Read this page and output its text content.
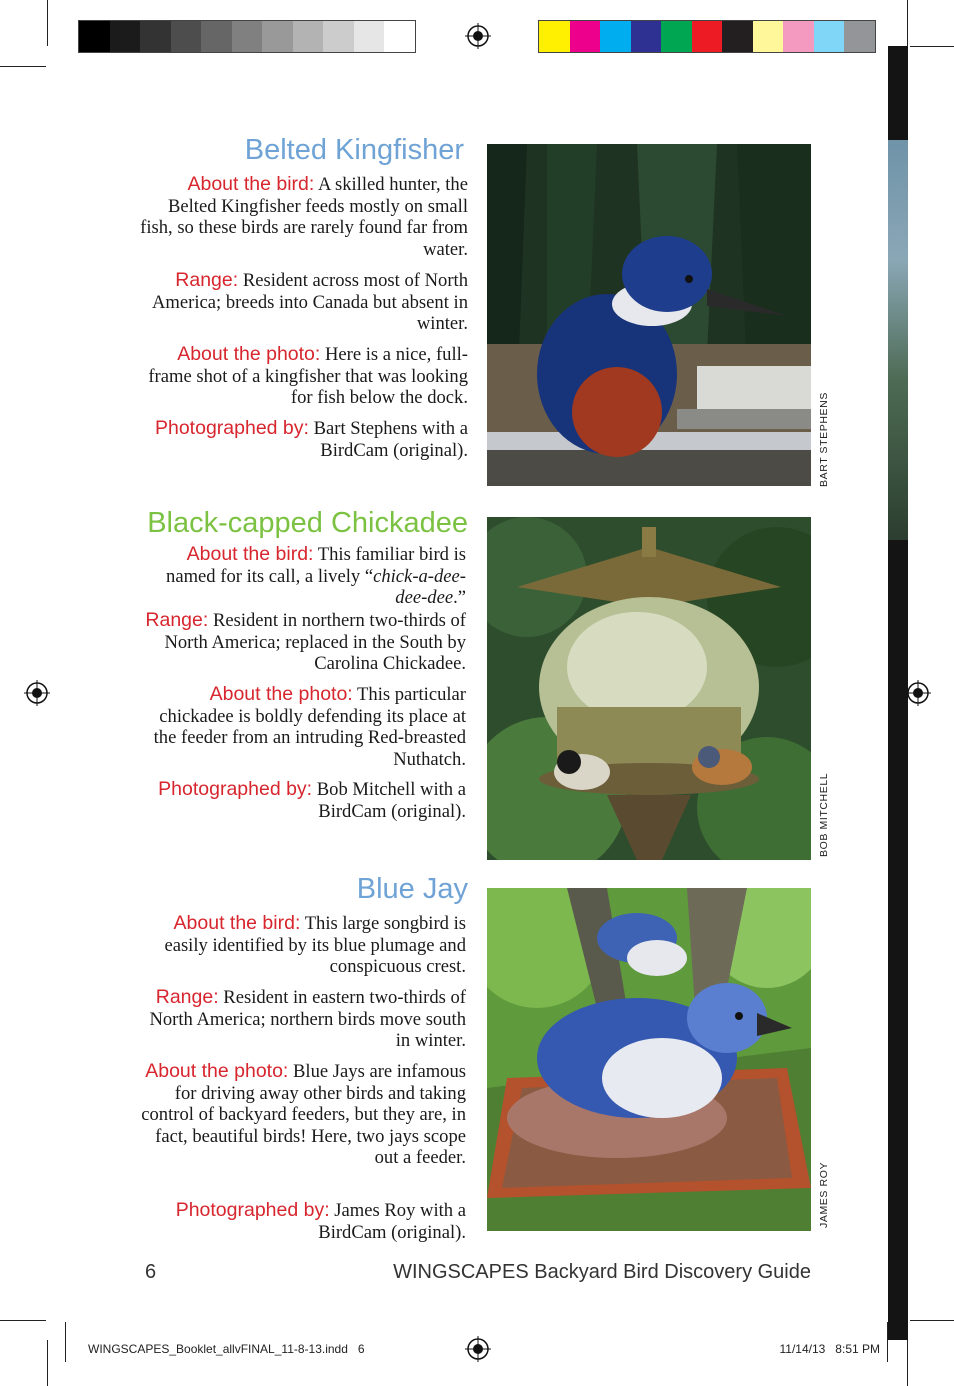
Belted Kingfisher
About the bird: A skilled hunter, the Belted Kingfisher feeds mostly on small fish, so these birds are rarely found far from water.
Range: Resident across most of North America; breeds into Canada but absent in winter.
About the photo: Here is a nice, full-frame shot of a kingfisher that was looking for fish below the dock.
Photographed by: Bart Stephens with a BirdCam (original).	BART STEPHENS
Black-capped Chickadee
About the bird: This familiar bird is named for its call, a lively “chick-a-dee-dee-dee.”
Range: Resident in northern two-thirds of North America; replaced in the South by Carolina Chickadee.
About the photo: This particular chickadee is boldly defending its place at the feeder from an intruding Red-breasted Nuthatch.
Photographed by: Bob Mitchell with a BirdCam (original).	BOB MITCHELL
Blue Jay
About the bird: This large songbird is easily identified by its blue plumage and conspicuous crest.
Range: Resident in eastern two-thirds of North America; northern birds move south in winter.
About the photo: Blue Jays are infamous for driving away other birds and taking control of backyard feeders, but they are, in fact, beautiful birds! Here, two jays scope out a feeder.
Photographed by: James Roy with a BirdCam (original).
JAMES ROY
6	WINGSCAPES Backyard Bird Discovery Guide
WINGSCAPES_Booklet_allvFINAL_11-8-13.indd   6	11/14/13   8:51 PM
